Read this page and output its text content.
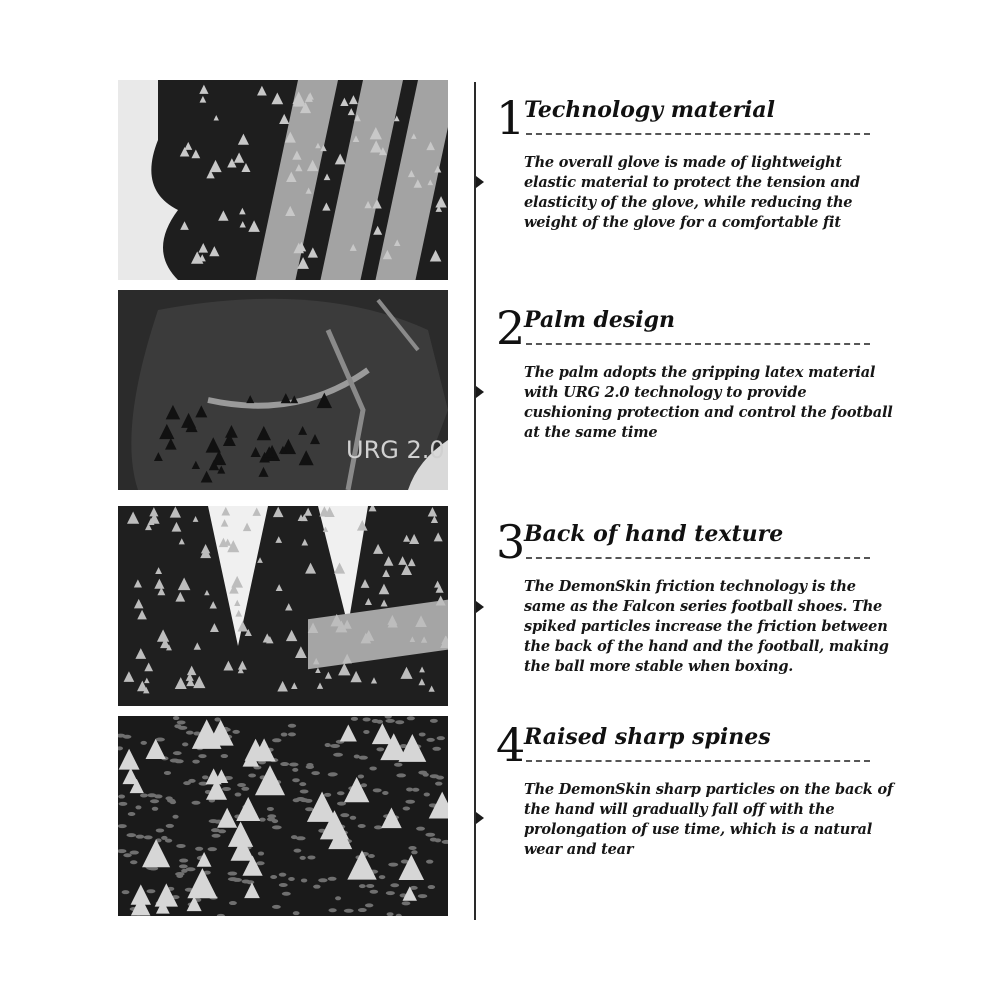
URG 2.0
1
Technology material
The overall glove is made of lightweight elastic material to protect the tension and elasticity of the glove, while reducing the weight of the glove for a comfortable fit
2
Palm design
The palm adopts the gripping latex material with URG 2.0 technology to provide cushioning protection and control the football at the same time
3
Back of hand texture
The DemonSkin friction technology is the same as the Falcon series football shoes. The spiked particles increase the friction between the back of the hand and the football, making the ball more stable when boxing.
4
Raised sharp spines
The DemonSkin sharp particles on the back of the hand will gradually fall off with the prolongation of use time, which is a natural wear and tear
